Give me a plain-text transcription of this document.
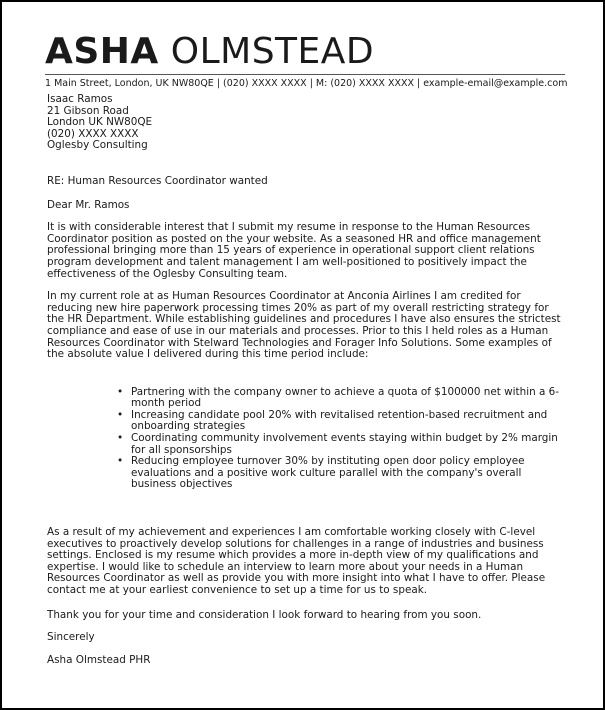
ASHA OLMSTEAD
1 Main Street, London, UK NW80QE | (020) XXXX XXXX | M: (020) XXXX XXXX | example-email@example.com
Isaac Ramos
21 Gibson Road
London UK NW80QE
(020) XXXX XXXX
Oglesby Consulting
RE: Human Resources Coordinator wanted
Dear Mr. Ramos
It is with considerable interest that I submit my resume in response to the Human Resources Coordinator position as posted on the your website. As a seasoned HR and office management professional bringing more than 15 years of experience in operational support client relations program development and talent management I am well-positioned to positively impact the effectiveness of the Oglesby Consulting team.
In my current role at as Human Resources Coordinator at Anconia Airlines I am credited for reducing new hire paperwork processing times 20% as part of my overall restricting strategy for the HR Department. While establishing guidelines and procedures I have also ensures the strictest compliance and ease of use in our materials and processes. Prior to this I held roles as a Human Resources Coordinator with Stelward Technologies and Forager Info Solutions. Some examples of the absolute value I delivered during this time period include:
• Partnering with the company owner to achieve a quota of $100000 net within a 6-month period
• Increasing candidate pool 20% with revitalised retention-based recruitment and onboarding strategies
• Coordinating community involvement events staying within budget by 2% margin for all sponsorships
• Reducing employee turnover 30% by instituting open door policy employee evaluations and a positive work culture parallel with the company's overall business objectives
As a result of my achievement and experiences I am comfortable working closely with C-level executives to proactively develop solutions for challenges in a range of industries and business settings. Enclosed is my resume which provides a more in-depth view of my qualifications and expertise. I would like to schedule an interview to learn more about your needs in a Human Resources Coordinator as well as provide you with more insight into what I have to offer. Please contact me at your earliest convenience to set up a time for us to speak.
Thank you for your time and consideration I look forward to hearing from you soon.
Sincerely
Asha Olmstead PHR
